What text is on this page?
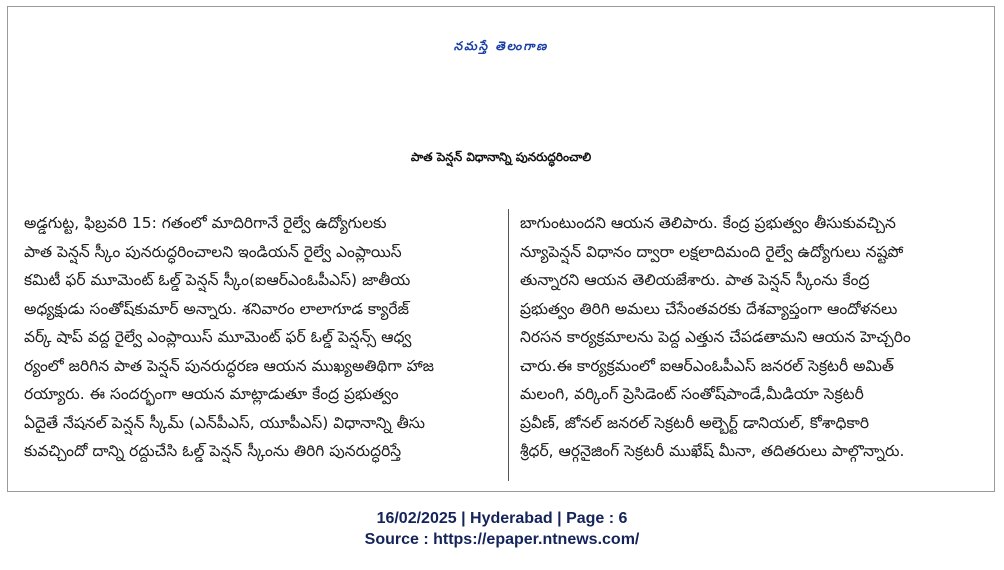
నమస్తే తెలంగాణ
పాత పెన్షన్ విధానాన్ని పునరుద్ధరించాలి
అడ్డగుట్ట, ఫిబ్రవరి 15: గతంలో మాదిరిగానే రైల్వే ఉద్యోగులకు
పాత పెన్షన్ స్కీం పునరుద్ధరించాలని ఇండియన్ రైల్వే ఎంప్లాయిస్
కమిటీ ఫర్ మూమెంట్ ఓల్డ్ పెన్షన్ స్కీం(ఐఆర్ఎంఓపీఎస్) జాతీయ
అధ్యక్షుడు సంతోష్‌కుమార్ అన్నారు. శనివారం లాలాగూడ క్యారేజ్
వర్క్ షాప్ వద్ద రైల్వే ఎంప్లాయిస్ మూమెంట్ ఫర్ ఓల్డ్ పెన్షన్స్ ఆధ్వ
ర్యంలో జరిగిన పాత పెన్షన్ పునరుద్ధరణ ఆయన ముఖ్యఅతిథిగా హాజ
రయ్యారు. ఈ సందర్భంగా ఆయన మాట్లాడుతూ కేంద్ర ప్రభుత్వం
ఏదైతే నేషనల్ పెన్షన్ స్కీమ్ (ఎన్‌పీఎస్, యూపీఎస్) విధానాన్ని తీసు
కువచ్చిందో దాన్ని రద్దుచేసి ఓల్డ్ పెన్షన్ స్కీంను తిరిగి పునరుద్ధరిస్తే
బాగుంటుందని ఆయన తెలిపారు. కేంద్ర ప్రభుత్వం తీసుకువచ్చిన
న్యూపెన్షన్ విధానం ద్వారా లక్షలాదిమంది రైల్వే ఉద్యోగులు నష్టపో
తున్నారని ఆయన తెలియజేశారు. పాత పెన్షన్ స్కీంను కేంద్ర
ప్రభుత్వం తిరిగి అమలు చేసేంతవరకు దేశవ్యాప్తంగా ఆందోళనలు
నిరసన కార్యక్రమాలను పెద్ద ఎత్తున చేపడతామని ఆయన హెచ్చరిం
చారు.ఈ కార్యక్రమంలో ఐఆర్ఎంఓపీఎస్ జనరల్ సెక్రటరీ అమిత్
మలంగి, వర్కింగ్ ప్రెసిడెంట్ సంతోష్‌పాండే,మీడియా సెక్రటరీ
ప్రవీణ్, జోనల్ జనరల్ సెక్రటరీ అల్బెర్ట్ డానియల్, కోశాధికారి
శ్రీధర్, ఆర్గనైజింగ్ సెక్రటరీ ముఖేష్ మీనా, తదితరులు పాల్గొన్నారు.
16/02/2025 | Hyderabad | Page : 6
Source : https://epaper.ntnews.com/
